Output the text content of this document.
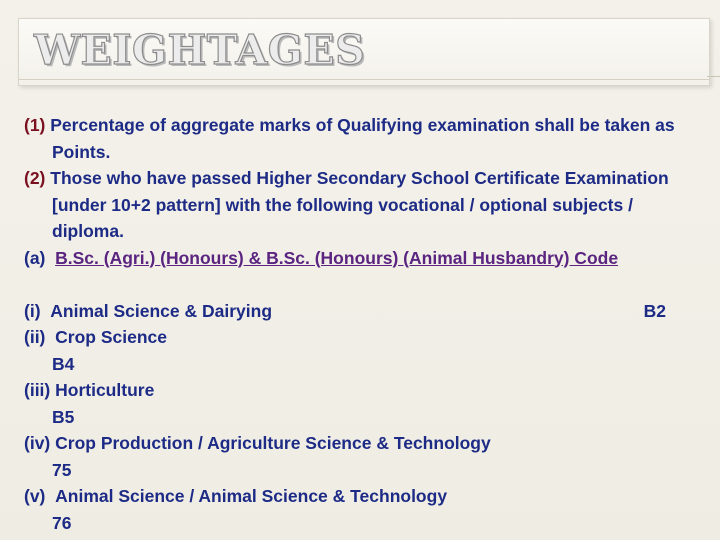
WEIGHTAGES
(1) Percentage of aggregate marks of Qualifying examination shall be taken as Points.
(2) Those who have passed Higher Secondary School Certificate Examination [under 10+2 pattern] with the following vocational / optional subjects / diploma.
(a) B.Sc. (Agri.) (Honours) & B.Sc. (Honours) (Animal Husbandry) Code
(i) Animal Science & Dairying	B2
(ii) Crop Science
B4
(iii) Horticulture
B5
(iv) Crop Production / Agriculture Science & Technology
75
(v) Animal Science / Animal Science & Technology
76
